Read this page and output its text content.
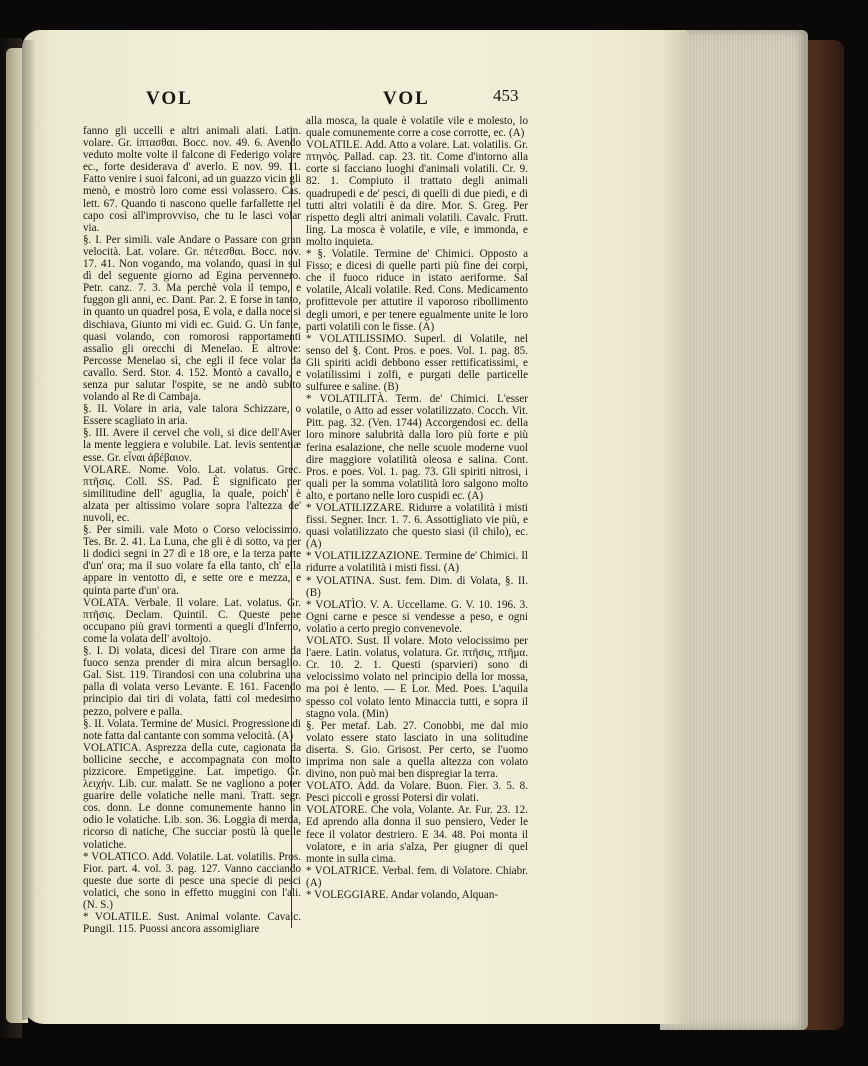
VOL	VOL	453

fanno gli uccelli e altri animali alati. Latin. volare. Gr. ἱπτασθαι. Bocc. nov. 49. 6. Avendo veduto molte volte il falcone di Federigo volare ec., forte desiderava d' averlo. E nov. 99. 11. Fatto venire i suoi falconi, ad un guazzo vicin gli menò, e mostrò loro come essi volassero. Cas. lett. 67. Quando ti nascono quelle farfallette nel capo così all'improvviso, che tu le lasci volar via.

§. I. Per simili. vale Andare o Passare con gran velocità. Lat. volare. Gr. πέτεσθαι. Bocc. nov. 17. 41. Non vogando, ma volando, quasi in sul dì del seguente giorno ad Egina pervennero. Petr. canz. 7. 3. Ma perchè vola il tempo, e fuggon gli anni, ec. Dant. Par. 2. E forse in tanto, in quanto un quadrel posa, E vola, e dalla noce si dischiava, Giunto mi vidi ec. Guid. G. Un fante, quasi volando, con romorosi rapportamenti assalìo gli orecchi di Menelao. E altrove: Percosse Menelao sì, che egli il fece volar da cavallo. Serd. Stor. 4. 152. Montò a cavallo, e senza pur salutar l'ospite, se ne andò subito volando al Re di Cambaja.

§. II. Volare in aria, vale talora Schizzare, o Essere scagliato in aria.

§. III. Avere il cervel che voli, si dice dell'Aver la mente leggiera e volubile. Lat. levis sententiæ esse. Gr. εἶναι ἀβέβαιον.

VOLARE. Nome. Volo. Lat. volatus. Grec. πτῆσις. Coll. SS. Pad. È significato per similitudine dell' aguglia, la quale, poich' è alzata per altissimo volare sopra l'altezza de' nuvoli, ec.

§. Per simili. vale Moto o Corso velocissimo. Tes. Br. 2. 41. La Luna, che gli è di sotto, va per li dodici segni in 27 dì e 18 ore, e la terza parte d'un' ora; ma il suo volare fa ella tanto, ch' ella appare in ventotto dì, e sette ore e mezza, e quinta parte d'un' ora.

VOLATA. Verbale. Il volare. Lat. volatus. Gr. πτῆσις. Declam. Quintil. C. Queste pene occupano più gravi tormenti a quegli d'Inferno, come la volata dell' avoltojo.

§. I. Di volata, dicesi del Tirare con arme da fuoco senza prender di mira alcun bersaglio. Gal. Sist. 119. Tirandosi con una colubrina una palla di volata verso Levante. E 161. Facendo principio dai tiri di volata, fatti col medesimo pezzo, polvere e palla.

§. II. Volata. Termine de' Musici. Progressione di note fatta dal cantante con somma velocità. (A)

VOLATICA. Asprezza della cute, cagionata da bollicine secche, e accompagnata con molto pizzicore. Empetiggine. Lat. impetigo. Gr. λειχήν. Lib. cur. malatt. Se ne vagliono a poter guarire delle volatiche nelle mani. Tratt. segr. cos. donn. Le donne comunemente hanno in odio le volatiche. Lib. son. 36. Loggia di merda, ricorso di natiche, Che succiar postù là quelle volatiche.

* VOLATICO. Add. Volatile. Lat. volatilis. Pros. Fior. part. 4. vol. 3. pag. 127. Vanno cacciando queste due sorte di pesce una specie di pesci volatici, che sono in effetto muggini con l'ali. (N. S.)

* VOLATILE. Sust. Animal volante. Cavalc. Pungil. 115. Puossi ancora assomigliare

alla mosca, la quale è volatile vile e molesto, lo quale comunemente corre a cose corrotte, ec. (A)

VOLATILE. Add. Atto a volare. Lat. volatilis. Gr. πτηνός. Pallad. cap. 23. tit. Come d'intorno alla corte si facciano luoghi d'animali volatili. Cr. 9. 82. 1. Compiuto il trattato degli animali quadrupedi e de' pesci, di quelli di due piedi, e di tutti altri volatili è da dire. Mor. S. Greg. Per rispetto degli altri animali volatili. Cavalc. Frutt. ling. La mosca è volatile, e vile, e immonda, e molto inquieta.

* §. Volatile. Termine de' Chimici. Opposto a Fisso; e dicesi di quelle parti più fine dei corpi, che il fuoco riduce in istato aeriforme. Sal volatile, Alcali volatile. Red. Cons. Medicamento profittevole per attutire il vaporoso ribollimento degli umori, e per tenere egualmente unite le loro parti volatili con le fisse. (A)

* VOLATILISSIMO. Superl. di Volatile, nel senso del §. Cont. Pros. e poes. Vol. 1. pag. 85. Gli spiriti acidi debbono esser rettificatissimi, e volatilissimi i zolfi, e purgati delle particelle sulfuree e saline. (B)

* VOLATILITÀ. Term. de' Chimici. L'esser volatile, o Atto ad esser volatilizzato. Cocch. Vit. Pitt. pag. 32. (Ven. 1744) Accorgendosi ec. della loro minore salubrità dalla loro più forte e più ferina esalazione, che nelle scuole moderne vuol dire maggiore volatilità oleosa e salina. Cont. Pros. e poes. Vol. 1. pag. 73. Gli spiriti nitrosi, i quali per la somma volatilità loro salgono molto alto, e portano nelle loro cuspidi ec. (A)

* VOLATILIZZARE. Ridurre a volatilità i misti fissi. Segner. Incr. 1. 7. 6. Assottigliato vie più, e quasi volatilizzato che questo siasi (il chilo), ec. (A)

* VOLATILIZZAZIONE. Termine de' Chimici. Il ridurre a volatilità i misti fissi. (A)

* VOLATINA. Sust. fem. Dim. di Volata, §. II. (B)

* VOLATÌO. V. A. Uccellame. G. V. 10. 196. 3. Ogni carne e pesce si vendesse a peso, e ogni volatìo a certo pregio convenevole.

VOLATO. Sust. Il volare. Moto velocissimo per l'aere. Latin. volatus, volatura. Gr. πτῆσις, πτῆμα. Cr. 10. 2. 1. Questi (sparvieri) sono di velocissimo volato nel principio della lor mossa, ma poi è lento. — E Lor. Med. Poes. L'aquila spesso col volato lento Minaccia tutti, e sopra il stagno vola. (Min)

§. Per metaf. Lab. 27. Conobbi, me dal mio volato essere stato lasciato in una solitudine diserta. S. Gio. Grisost. Per certo, se l'uomo imprima non sale a quella altezza con volato divino, non può mai ben dispregiar la terra.

VOLATO. Add. da Volare. Buon. Fier. 3. 5. 8. Pesci piccoli e grossi Potersi dir volati.

VOLATORE. Che vola, Volante. Ar. Fur. 23. 12. Ed aprendo alla donna il suo pensiero, Veder le fece il volator destriero. E 34. 48. Poi monta il volatore, e in aria s'alza, Per giugner di quel monte in sulla cima.

* VOLATRICE. Verbal. fem. di Volatore. Chiabr. (A)

* VOLEGGIARE. Andar volando, Alquan-
